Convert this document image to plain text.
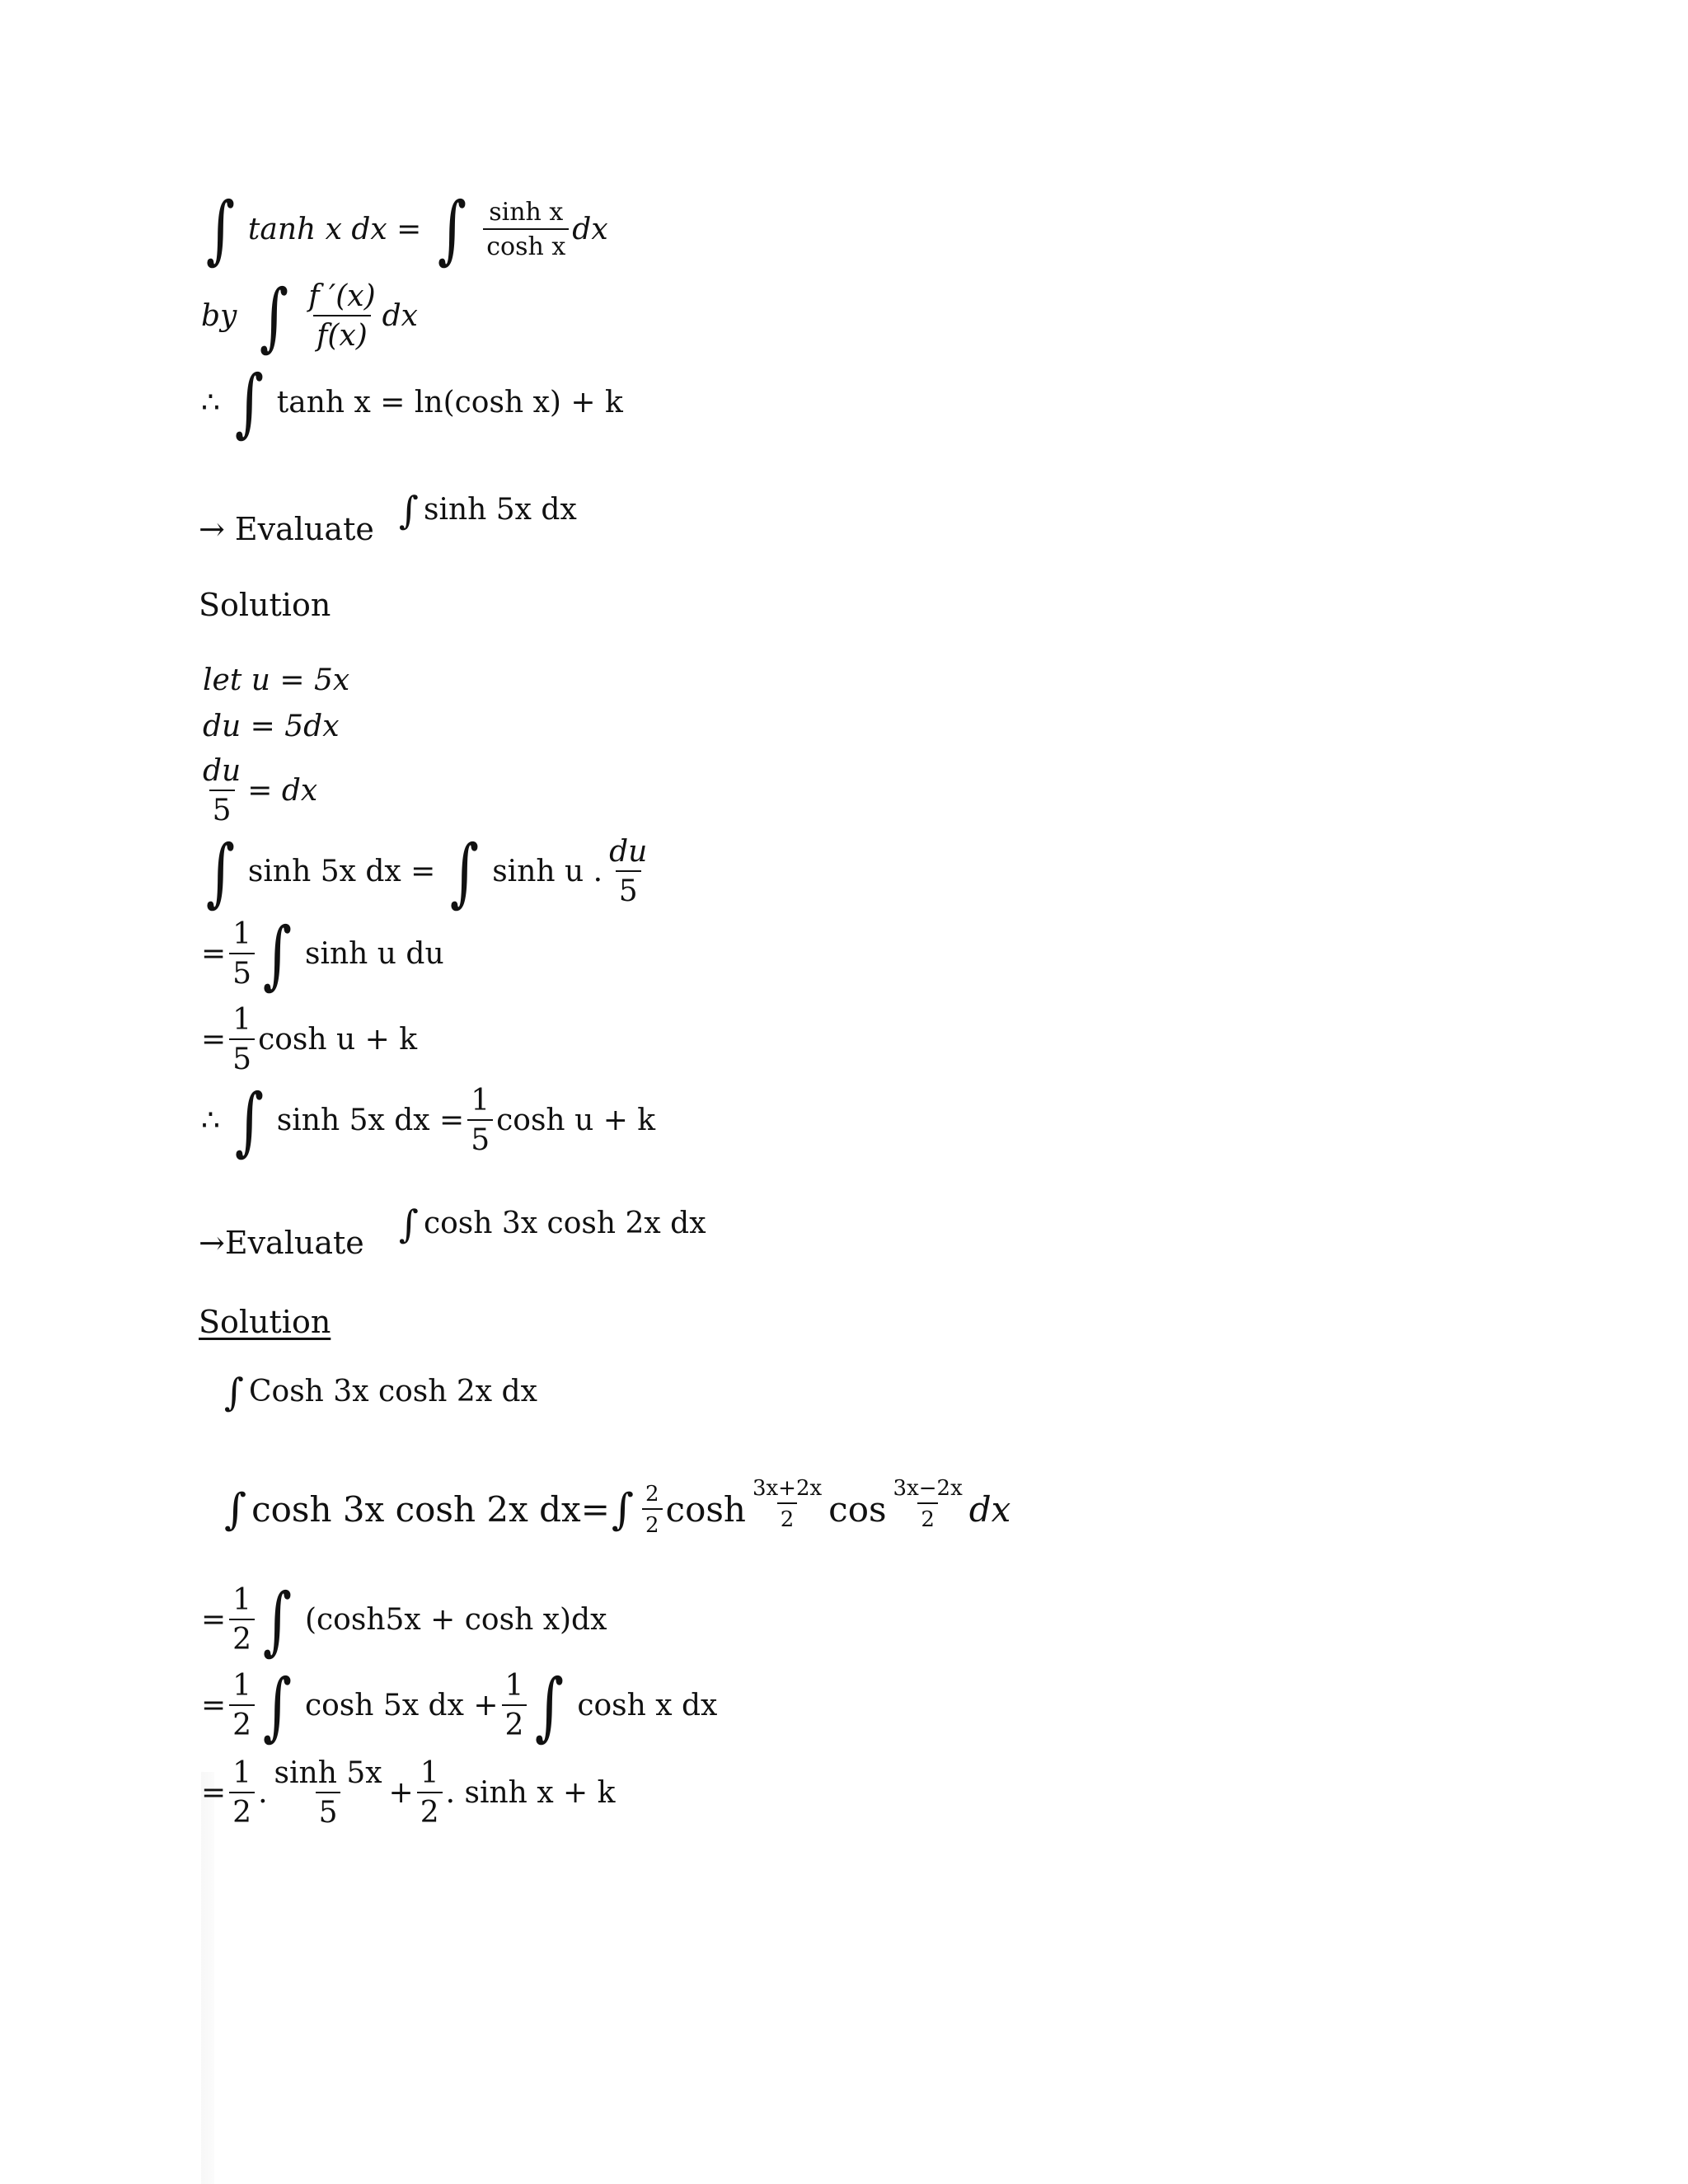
∫ tanh x dx = ∫ $\frac{\text{sinh x}}{\text{cosh x}}$ dx
by ∫ $\frac{f '(x)}{f(x)}$ dx
∴ ∫ tanh x = ln(cosh x) + k
→ Evaluate ∫ sinh 5x dx
Solution
let u = 5x
du = 5dx
$\frac{du}{5}$ = dx
∫ sinh 5x dx = ∫ sinh u . $\frac{du}{5}$
= $\frac{1}{5}$ ∫ sinh u du
= $\frac{1}{5}$ cosh u + k
∴ ∫ sinh 5x dx = $\frac{1}{5}$ cosh u + k
→Evaluate ∫ cosh 3x cosh 2x dx
Solution
∫ Cosh 3x cosh 2x dx
∫ cosh 3x cosh 2x dx= ∫ $\frac{2}{2}$ $\cosh \frac{3x+2x}{2}$ $\cos \frac{3x-2x}{2}$ dx
= $\frac{1}{2}$ ∫ (cosh5x + cosh x)dx
= $\frac{1}{2}$ ∫ cosh 5x dx + $\frac{1}{2}$ ∫ cosh x dx
= $\frac{1}{2}$ . $\frac{\sinh 5x}{5} + \frac{1}{2}$ . sinh x + k
